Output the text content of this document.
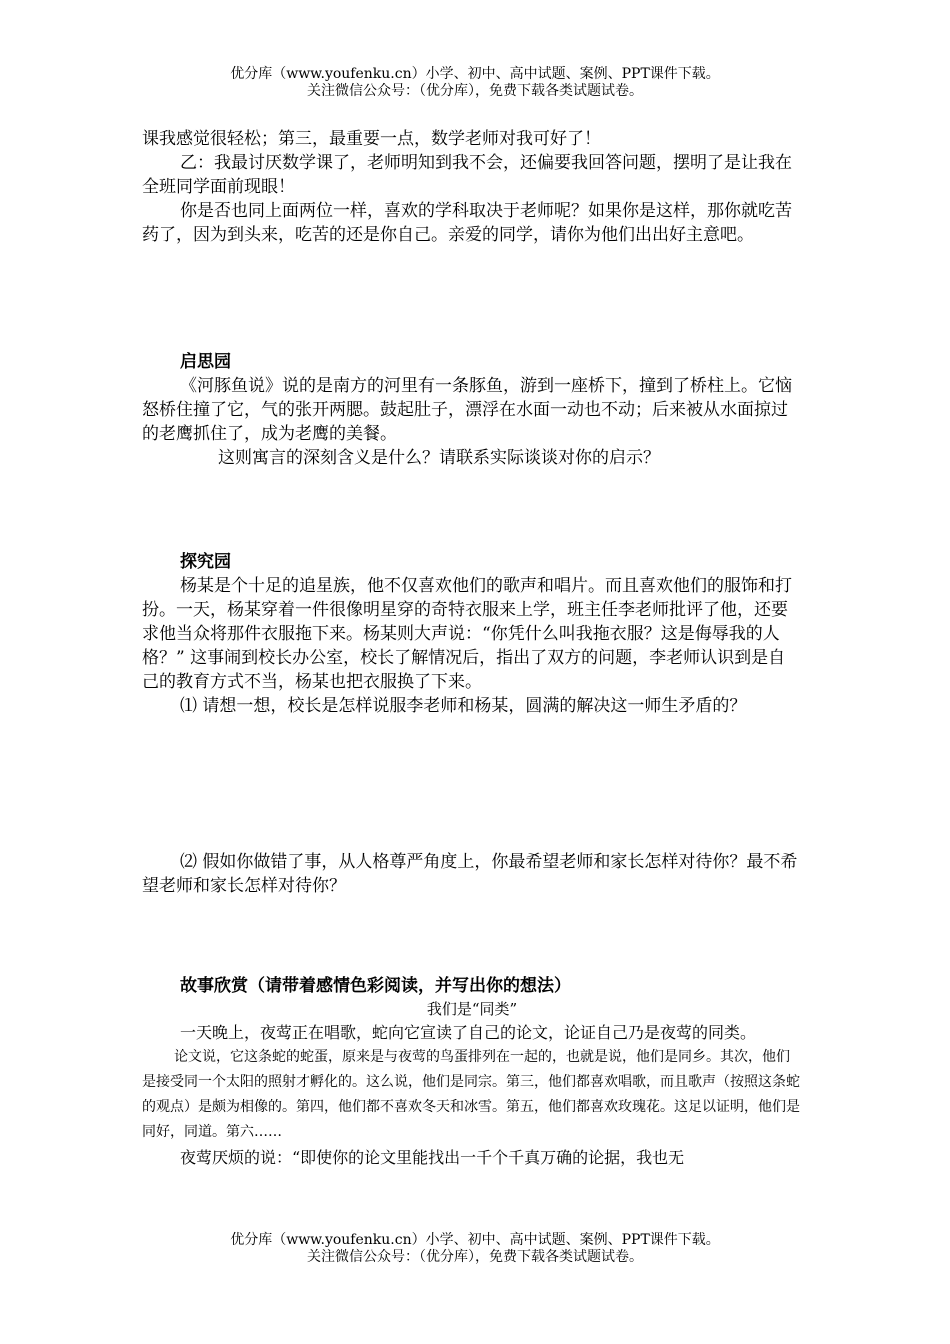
优分库（www.youfenku.cn）小学、初中、高中试题、案例、PPT课件下载。
关注微信公众号：（优分库），免费下载各类试题试卷。

课我感觉很轻松；第三，最重要一点，数学老师对我可好了！

乙：我最讨厌数学课了，老师明知到我不会，还偏要我回答问题，摆明了是让我在全班同学面前现眼！

你是否也同上面两位一样，喜欢的学科取决于老师呢？如果你是这样，那你就吃苦药了，因为到头来，吃苦的还是你自己。亲爱的同学，请你为他们出出好主意吧。

启思园

《河豚鱼说》说的是南方的河里有一条豚鱼，游到一座桥下，撞到了桥柱上。它恼怒桥住撞了它，气的张开两腮。鼓起肚子，漂浮在水面一动也不动；后来被从水面掠过的老鹰抓住了，成为老鹰的美餐。

这则寓言的深刻含义是什么？请联系实际谈谈对你的启示？

探究园

杨某是个十足的追星族，他不仅喜欢他们的歌声和唱片。而且喜欢他们的服饰和打扮。一天，杨某穿着一件很像明星穿的奇特衣服来上学，班主任李老师批评了他，还要求他当众将那件衣服拖下来。杨某则大声说：“你凭什么叫我拖衣服？这是侮辱我的人格？” 这事闹到校长办公室，校长了解情况后，指出了双方的问题，李老师认识到是自己的教育方式不当，杨某也把衣服换了下来。

⑴ 请想一想，校长是怎样说服李老师和杨某，圆满的解决这一师生矛盾的？

⑵ 假如你做错了事，从人格尊严角度上，你最希望老师和家长怎样对待你？最不希望老师和家长怎样对待你？

故事欣赏（请带着感情色彩阅读，并写出你的想法）

我们是“同类”

一天晚上，夜莺正在唱歌，蛇向它宣读了自己的论文，论证自己乃是夜莺的同类。

论文说，它这条蛇的蛇蛋，原来是与夜莺的鸟蛋排列在一起的，也就是说，他们是同乡。其次，他们是接受同一个太阳的照射才孵化的。这么说，他们是同宗。第三，他们都喜欢唱歌，而且歌声（按照这条蛇的观点）是颇为相像的。第四，他们都不喜欢冬天和冰雪。第五，他们都喜欢玫瑰花。这足以证明，他们是同好，同道。第六……

夜莺厌烦的说：“即使你的论文里能找出一千个千真万确的论据，我也无

优分库（www.youfenku.cn）小学、初中、高中试题、案例、PPT课件下载。
关注微信公众号：（优分库），免费下载各类试题试卷。
